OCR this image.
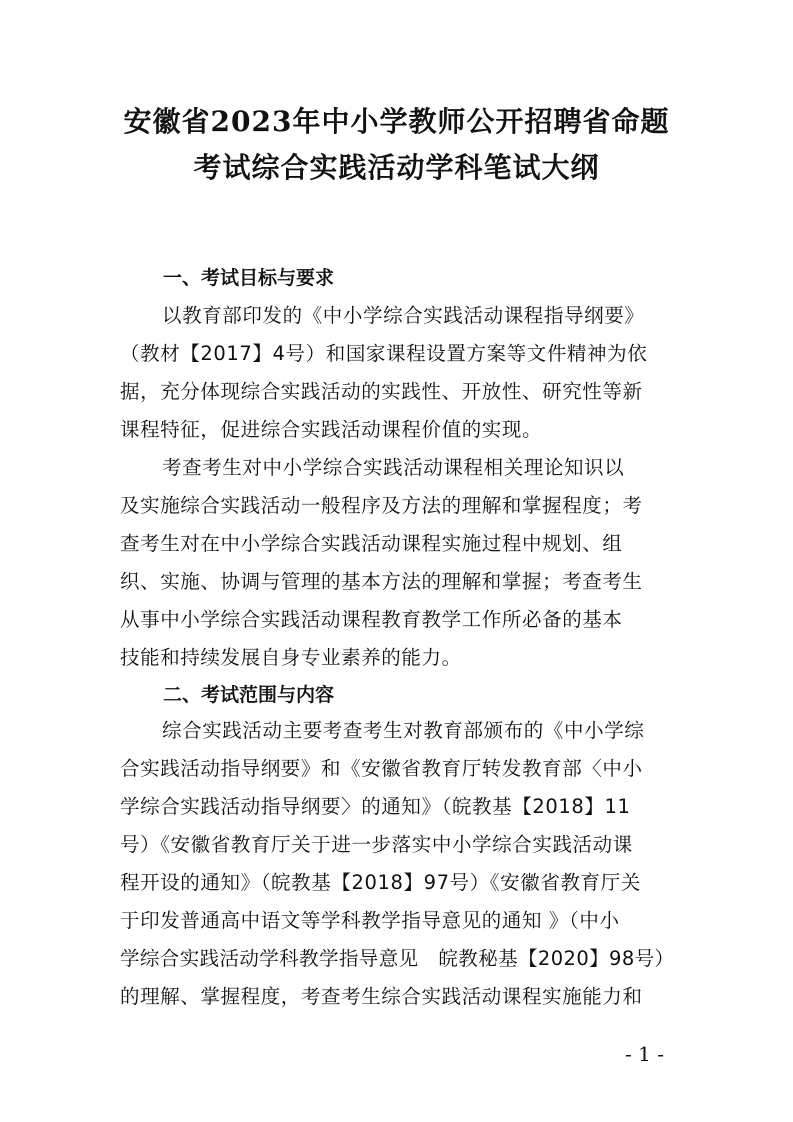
安徽省2023年中小学教师公开招聘省命题
考试综合实践活动学科笔试大纲
一、考试目标与要求
以教育部印发的《中小学综合实践活动课程指导纲要》
（教材【2017】4号）和国家课程设置方案等文件精神为依
据，充分体现综合实践活动的实践性、开放性、研究性等新
课程特征，促进综合实践活动课程价值的实现。
考查考生对中小学综合实践活动课程相关理论知识以
及实施综合实践活动一般程序及方法的理解和掌握程度；考
查考生对在中小学综合实践活动课程实施过程中规划、组
织、实施、协调与管理的基本方法的理解和掌握；考查考生
从事中小学综合实践活动课程教育教学工作所必备的基本
技能和持续发展自身专业素养的能力。
二、考试范围与内容
综合实践活动主要考查考生对教育部颁布的《中小学综
合实践活动指导纲要》和《安徽省教育厅转发教育部〈中小
学综合实践活动指导纲要〉的通知》（皖教基【2018】11
号）《安徽省教育厅关于进一步落实中小学综合实践活动课
程开设的通知》（皖教基【2018】97号）《安徽省教育厅关
于印发普通高中语文等学科教学指导意见的通知 》（中小
学综合实践活动学科教学指导意见　皖教秘基【2020】98号）
的理解、掌握程度，考查考生综合实践活动课程实施能力和
- 1 -
